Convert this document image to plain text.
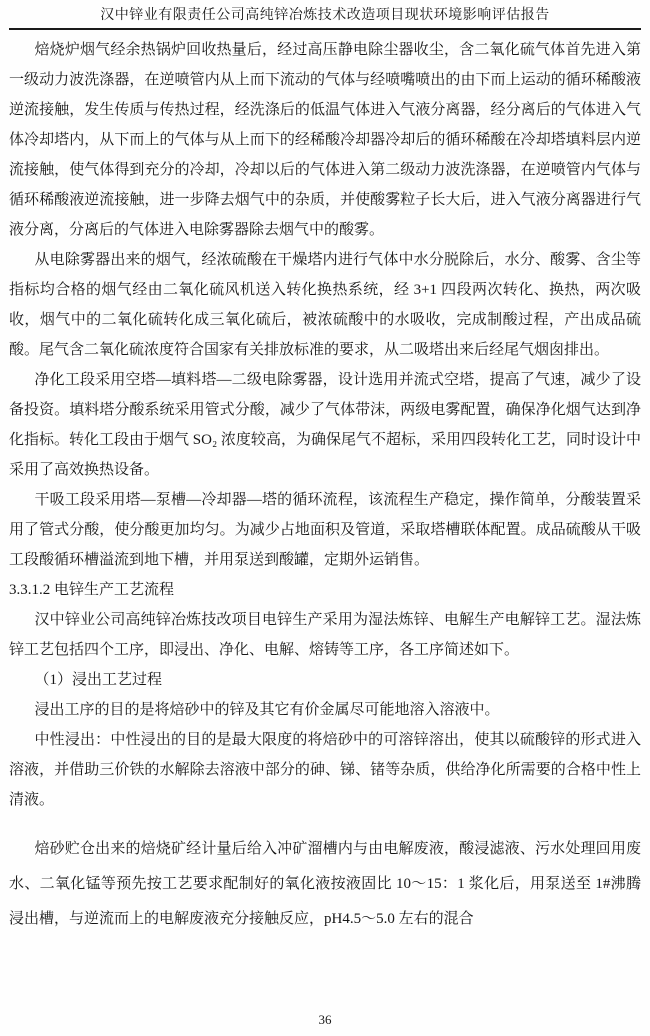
汉中锌业有限责任公司高纯锌冶炼技术改造项目现状环境影响评估报告

焙烧炉烟气经余热锅炉回收热量后，经过高压静电除尘器收尘，含二氧化硫气体首先进入第一级动力波洗涤器，在逆喷管内从上而下流动的气体与经喷嘴喷出的由下而上运动的循环稀酸液逆流接触，发生传质与传热过程，经洗涤后的低温气体进入气液分离器，经分离后的气体进入气体冷却塔内，从下而上的气体与从上而下的经稀酸冷却器冷却后的循环稀酸在冷却塔填料层内逆流接触，使气体得到充分的冷却，冷却以后的气体进入第二级动力波洗涤器，在逆喷管内气体与循环稀酸液逆流接触，进一步降去烟气中的杂质，并使酸雾粒子长大后，进入气液分离器进行气液分离，分离后的气体进入电除雾器除去烟气中的酸雾。

从电除雾器出来的烟气，经浓硫酸在干燥塔内进行气体中水分脱除后，水分、酸雾、含尘等指标均合格的烟气经由二氧化硫风机送入转化换热系统，经 3+1 四段两次转化、换热，两次吸收，烟气中的二氧化硫转化成三氧化硫后，被浓硫酸中的水吸收，完成制酸过程，产出成品硫酸。尾气含二氧化硫浓度符合国家有关排放标准的要求，从二吸塔出来后经尾气烟囱排出。

净化工段采用空塔—填料塔—二级电除雾器，设计选用并流式空塔，提高了气速，减少了设备投资。填料塔分酸系统采用管式分酸，减少了气体带沫，两级电雾配置，确保净化烟气达到净化指标。转化工段由于烟气 SO₂ 浓度较高，为确保尾气不超标，采用四段转化工艺，同时设计中采用了高效换热设备。

干吸工段采用塔—泵槽—冷却器—塔的循环流程，该流程生产稳定，操作简单，分酸装置采用了管式分酸，使分酸更加均匀。为减少占地面积及管道，采取塔槽联体配置。成品硫酸从干吸工段酸循环槽溢流到地下槽，并用泵送到酸罐，定期外运销售。

3.3.1.2 电锌生产工艺流程

汉中锌业公司高纯锌冶炼技改项目电锌生产采用为湿法炼锌、电解生产电解锌工艺。湿法炼锌工艺包括四个工序，即浸出、净化、电解、熔铸等工序，各工序简述如下。

（1）浸出工艺过程

浸出工序的目的是将焙砂中的锌及其它有价金属尽可能地溶入溶液中。

中性浸出：中性浸出的目的是最大限度的将焙砂中的可溶锌溶出，使其以硫酸锌的形式进入溶液，并借助三价铁的水解除去溶液中部分的砷、锑、锗等杂质，供给净化所需要的合格中性上清液。

焙砂贮仓出来的焙烧矿经计量后给入冲矿溜槽内与由电解废液，酸浸滤液、污水处理回用废水、二氧化锰等预先按工艺要求配制好的氧化液按液固比 10～15：1 浆化后，用泵送至 1#沸腾浸出槽，与逆流而上的电解废液充分接触反应，pH4.5～5.0 左右的混合

36
